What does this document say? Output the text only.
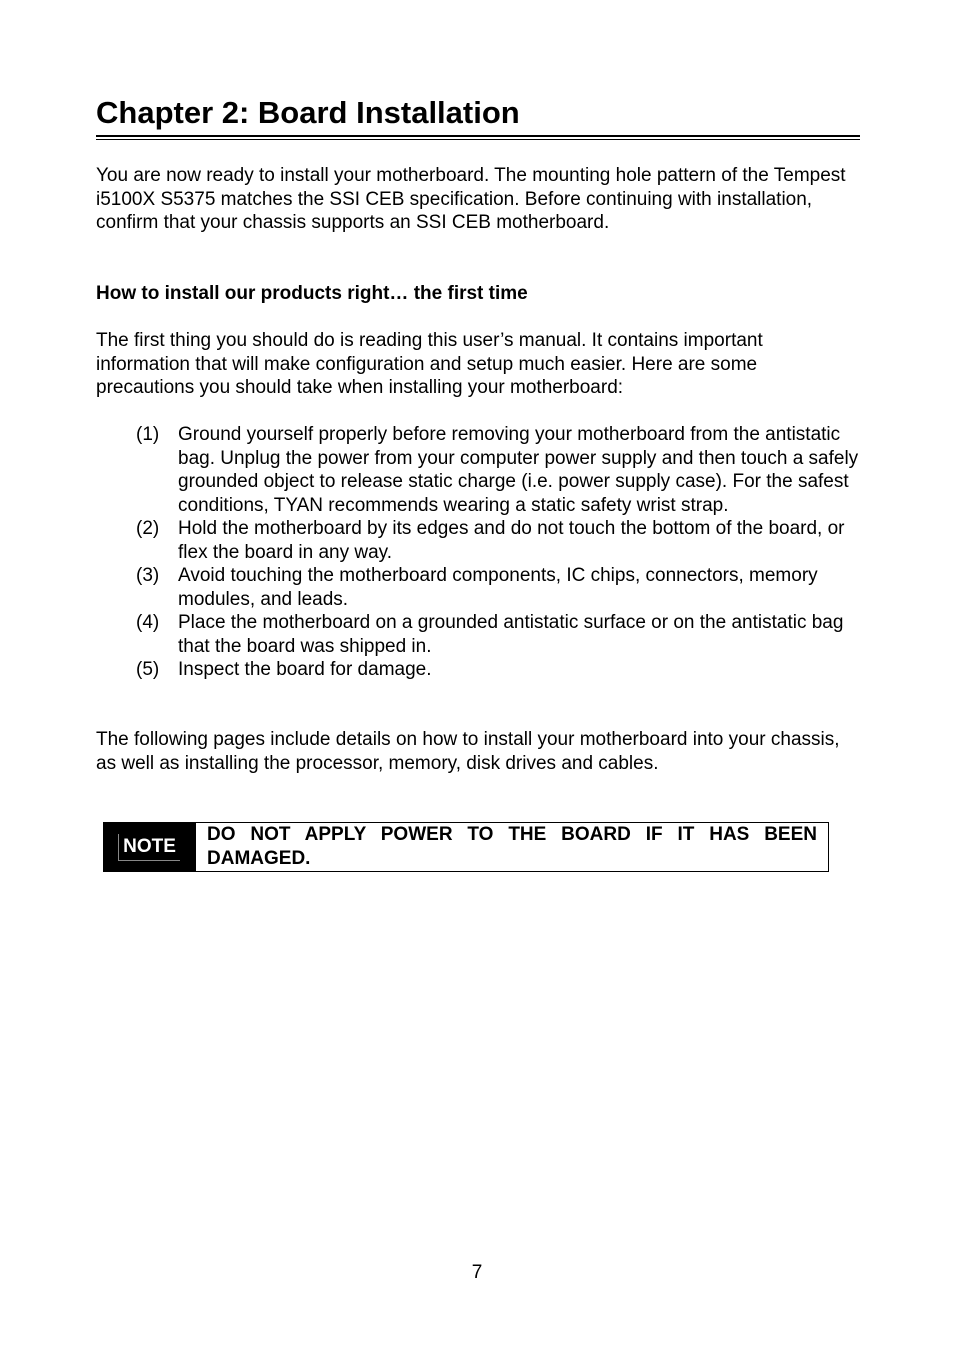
Chapter 2: Board Installation

You are now ready to install your motherboard. The mounting hole pattern of the Tempest i5100X S5375 matches the SSI CEB specification. Before continuing with installation, confirm that your chassis supports an SSI CEB motherboard.

How to install our products right… the first time

The first thing you should do is reading this user’s manual. It contains important information that will make configuration and setup much easier. Here are some precautions you should take when installing your motherboard:

(1) Ground yourself properly before removing your motherboard from the antistatic bag. Unplug the power from your computer power supply and then touch a safely grounded object to release static charge (i.e. power supply case). For the safest conditions, TYAN recommends wearing a static safety wrist strap.
(2) Hold the motherboard by its edges and do not touch the bottom of the board, or flex the board in any way.
(3) Avoid touching the motherboard components, IC chips, connectors, memory modules, and leads.
(4) Place the motherboard on a grounded antistatic surface or on the antistatic bag that the board was shipped in.
(5) Inspect the board for damage.

The following pages include details on how to install your motherboard into your chassis, as well as installing the processor, memory, disk drives and cables.

NOTE
DO NOT APPLY POWER TO THE BOARD IF IT HAS BEEN DAMAGED.
7
